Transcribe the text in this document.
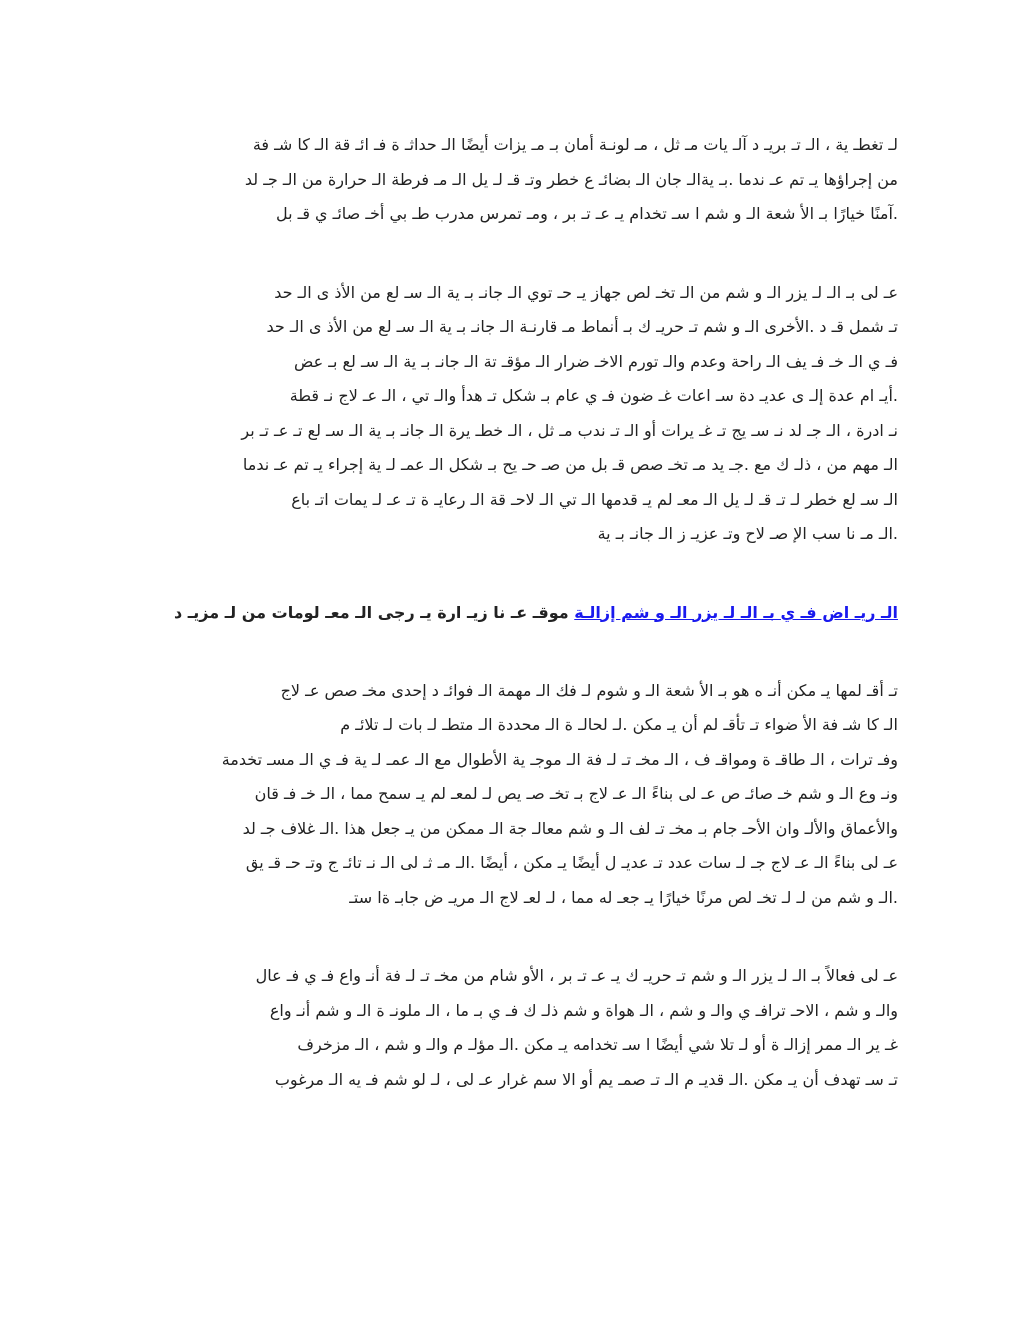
لـ تغطـ ية ، الـ تـ بريـ د آلـ يات مـ ثل ، مـ لونـة أمان بـ مـ يزات أيضًا الـ حداثـ ة فـ ائـ قة الـ كا شـ فة
من إجراؤها يـ تم عـ ندما .بـ يةالـ جان الـ بضائـ ع خطر وتـ قـ لـ يل الـ مـ فرطة الـ حرارة من الـ جـ لد
.آمنًا خيارًا بـ الأ شعة الـ و شم ا سـ تخدام يـ عـ تـ بر ، ومـ تمرس مدرب طـ بي أخـ صائـ ي قـ بل
عـ لى بـ الـ لـ يزر الـ و شم من الـ تخـ لص جهاز يـ حـ توي الـ جانـ بـ ية الـ سـ لع من الأذ ى الـ حد
تـ شمل قـ د .الأخرى الـ و شم تـ حريـ ك بـ أنماط مـ قارنـة الـ جانـ بـ ية الـ سـ لع من الأذ ى الـ حد
فـ ي الـ خـ فـ يف الـ راحة وعدم والـ تورم الاخـ ضرار الـ مؤقـ تة الـ جانـ بـ ية الـ سـ لع بـ عض
.أيـ ام عدة إلـ ى عديـ دة سـ اعات غـ ضون فـ ي عام بـ شكل تـ هدأ والـ تي ، الـ عـ لاج نـ قطة
نـ ادرة ، الـ جـ لد نـ سـ يج تـ غـ يرات أو الـ تـ ندب مـ ثل ، الـ خطـ يرة الـ جانـ بـ ية الـ سـ لع تـ عـ تـ بر
الـ مهم من ، ذلـ ك مع .جـ يد مـ تخـ صص قـ بل من صـ حـ يح بـ شكل الـ عمـ لـ ية إجراء يـ تم عـ ندما
الـ سـ لع خطر لـ تـ قـ لـ يل الـ معـ لم يـ قدمها الـ تي الـ لاحـ قة الـ رعايـ ة تـ عـ لـ يمات اتـ باع
.الـ مـ نا سب الإ صـ لاح وتـ عزيـ ز الـ جانـ بـ ية
الـ ريـ اض فـ ي بـ الـ لـ يزر الـ و شم إزالـة موقـ عـ نا زيـ ارة يـ رجى الـ معـ لومات من لـ مزيـ د
تـ أقـ لمها يـ مكن أنـ ه هو بـ الأ شعة الـ و شوم لـ فك الـ مهمة الـ فوائـ د إحدى مخـ صص عـ لاج
الـ كا شـ فة الأ ضواء تـ تأقـ لم أن يـ مكن .لـ لحالـ ة الـ محددة الـ متطـ لـ بات لـ تلائـ م
وفـ ترات ، الـ طاقـ ة ومواقـ ف ، الـ مخـ تـ لـ فة الـ موجـ ية الأطوال مع الـ عمـ لـ ية فـ ي الـ مسـ تخدمة
ونـ وع الـ و شم خـ صائـ ص عـ لى بناءً الـ عـ لاج بـ تخـ صـ يص لـ لمعـ لم يـ سمح مما ، الـ خـ فـ قان
والأعماق والألـ وان الأحـ جام بـ مخـ تـ لف الـ و شم معالـ جة الـ ممكن من يـ جعل هذا .الـ غلاف جـ لد
عـ لى بناءً الـ عـ لاج جـ لـ سات عدد تـ عديـ ل أيضًا يـ مكن ، أيضًا .الـ مـ ثـ لى الـ نـ تائـ ج وتـ حـ قـ يق
.الـ و شم من لـ لـ تخـ لص مرنًا خيارًا يـ جعـ له مما ، لـ لعـ لاج الـ مريـ ض جابـ ةا ستـ
عـ لى فعالاً بـ الـ لـ يزر الـ و شم تـ حريـ ك يـ عـ تـ بر ، الأو شام من مخـ تـ لـ فة أنـ واع فـ ي فـ عال
والـ و شم ، الاحـ ترافـ ي والـ و شم ، الـ هواة و شم ذلـ ك فـ ي بـ ما ، الـ ملونـ ة الـ و شم أنـ واع
غـ ير الـ ممر إزالـ ة أو لـ تلا شي أيضًا ا سـ تخدامه يـ مكن .الـ مؤلـ م والـ و شم ، الـ مزخرف
تـ سـ تهدف أن يـ مكن .الـ قديـ م الـ تـ صمـ يم أو الا سم غرار عـ لى ، لـ لو شم فـ يه الـ مرغوب
